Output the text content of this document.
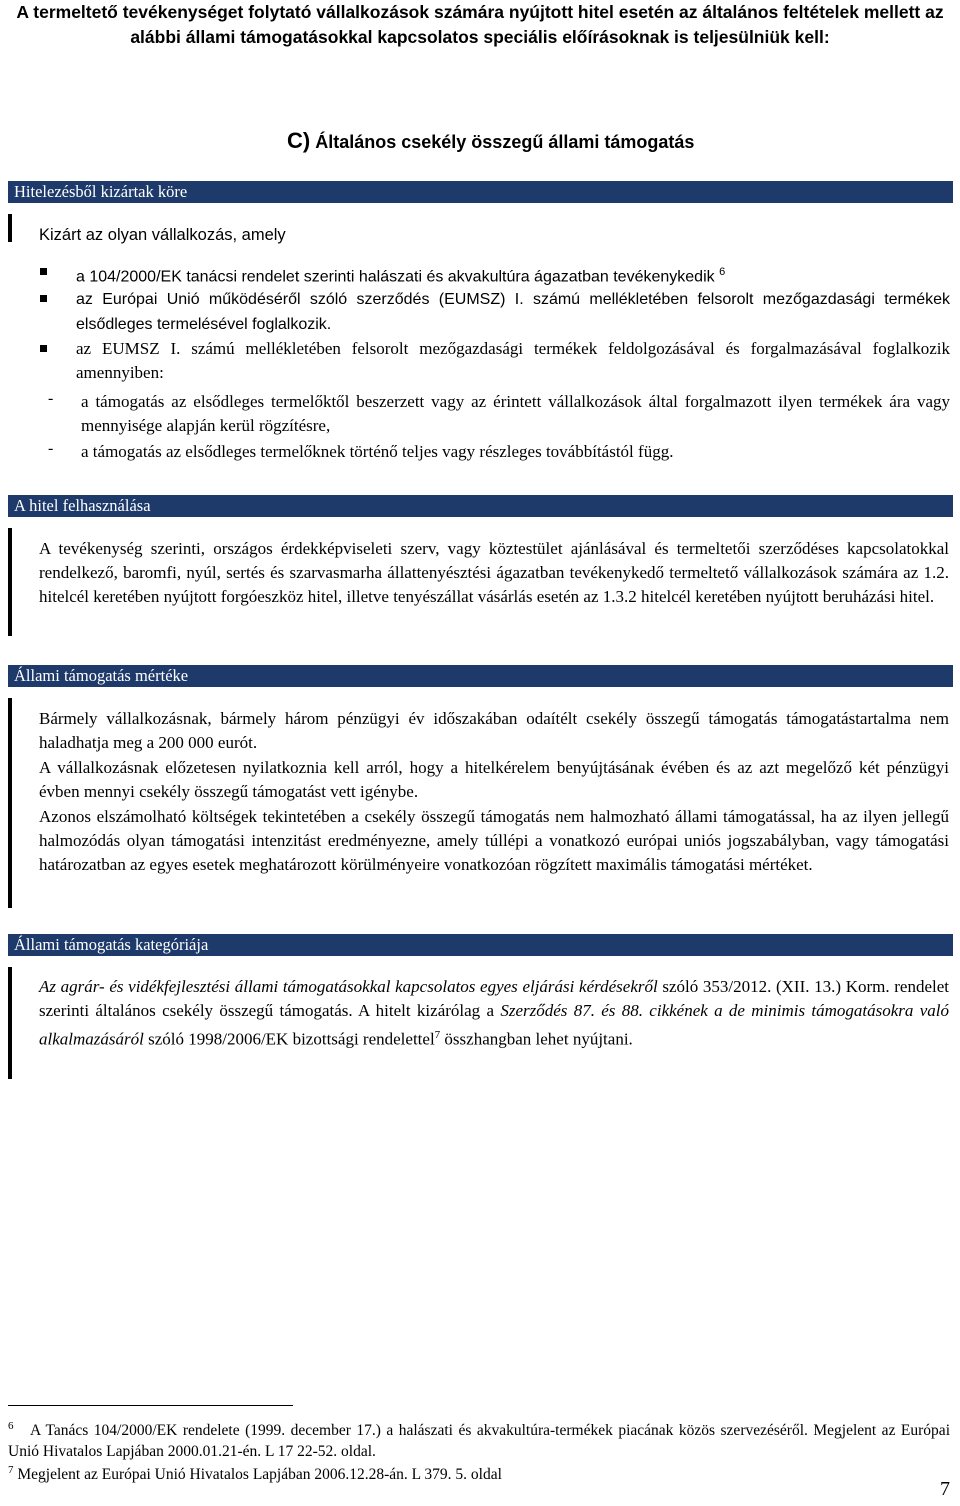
A termeltető tevékenységet folytató vállalkozások számára nyújtott hitel esetén az általános feltételek mellett az alábbi állami támogatásokkal kapcsolatos speciális előírásoknak is teljesülniük kell:
C) Általános csekély összegű állami támogatás
Hitelezésből kizártak köre
Kizárt az olyan vállalkozás, amely
a 104/2000/EK tanácsi rendelet szerinti halászati és akvakultúra ágazatban tevékenykedik $^6$
az Európai Unió működéséről szóló szerződés (EUMSZ) I. számú mellékletében felsorolt mezőgazdasági termékek elsődleges termelésével foglalkozik.
az EUMSZ I. számú mellékletében felsorolt mezőgazdasági termékek feldolgozásával és forgalmazásával foglalkozik amennyiben:
- a támogatás az elsődleges termelőktől beszerzett vagy az érintett vállalkozások által forgalmazott ilyen termékek ára vagy mennyisége alapján kerül rögzítésre,
- a támogatás az elsődleges termelőknek történő teljes vagy részleges továbbítástól függ.
A hitel felhasználása
A tevékenység szerinti, országos érdekképviseleti szerv, vagy köztestület ajánlásával és termeltetői szerződéses kapcsolatokkal rendelkező, baromfi, nyúl, sertés és szarvasmarha állattenyésztési ágazatban tevékenykedő termeltető vállalkozások számára az 1.2. hitelcél keretében nyújtott forgóeszköz hitel, illetve tenyészállat vásárlás esetén az 1.3.2 hitelcél keretében nyújtott beruházási hitel.
Állami támogatás mértéke
Bármely vállalkozásnak, bármely három pénzügyi év időszakában odaítélt csekély összegű támogatás támogatástartalma nem haladhatja meg a 200 000 eurót.
A vállalkozásnak előzetesen nyilatkoznia kell arról, hogy a hitelkérelem benyújtásának évében és az azt megelőző két pénzügyi évben mennyi csekély összegű támogatást vett igénybe.
Azonos elszámolható költségek tekintetében a csekély összegű támogatás nem halmozható állami támogatással, ha az ilyen jellegű halmozódás olyan támogatási intenzitást eredményezne, amely túllépi a vonatkozó európai uniós jogszabályban, vagy támogatási határozatban az egyes esetek meghatározott körülményeire vonatkozóan rögzített maximális támogatási mértéket.
Állami támogatás kategóriája
Az agrár- és vidékfejlesztési állami támogatásokkal kapcsolatos egyes eljárási kérdésekről szóló 353/2012. (XII. 13.) Korm. rendelet szerinti általános csekély összegű támogatás. A hitelt kizárólag a Szerződés 87. és 88. cikkének a de minimis támogatásokra való alkalmazásáról szóló 1998/2006/EK bizottsági rendelettel$^7$ összhangban lehet nyújtani.
$^6$ A Tanács 104/2000/EK rendelete (1999. december 17.) a halászati és akvakultúra-termékek piacának közös szervezéséről. Megjelent az Európai Unió Hivatalos Lapjában 2000.01.21-én. L 17 22-52. oldal.
$^7$ Megjelent az Európai Unió Hivatalos Lapjában 2006.12.28-án. L 379. 5. oldal
7
